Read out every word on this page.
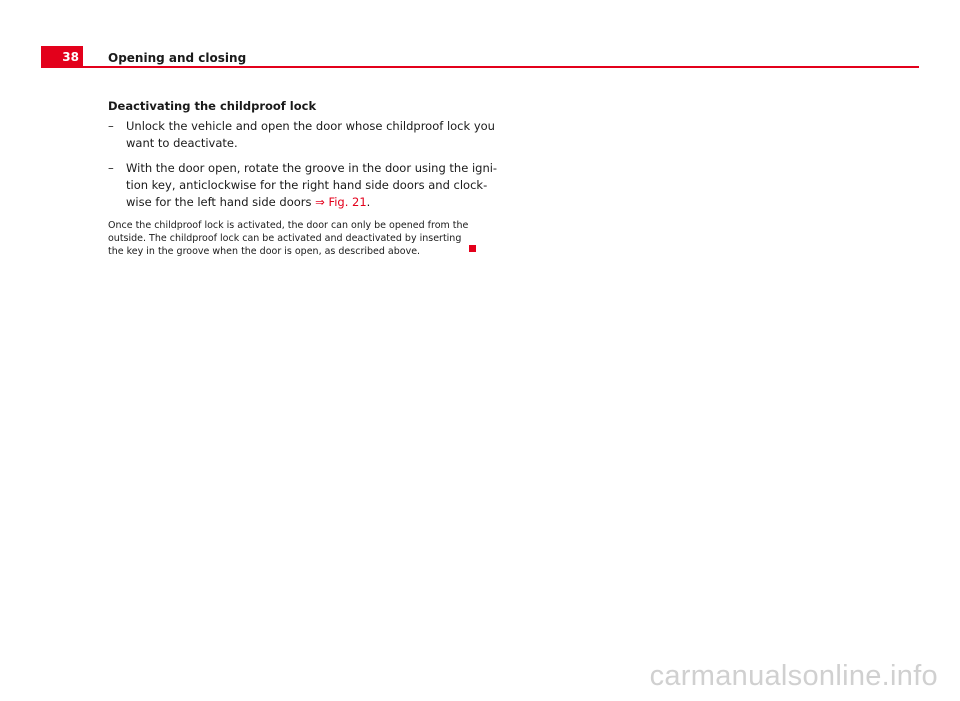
38 Opening and closing
Deactivating the childproof lock
– Unlock the vehicle and open the door whose childproof lock you
want to deactivate.
– With the door open, rotate the groove in the door using the igni-
tion key, anticlockwise for the right hand side doors and clock-
wise for the left hand side doors ⇒ Fig. 21.
Once the childproof lock is activated, the door can only be opened from the
outside. The childproof lock can be activated and deactivated by inserting
the key in the groove when the door is open, as described above.
carmanualsonline.info
